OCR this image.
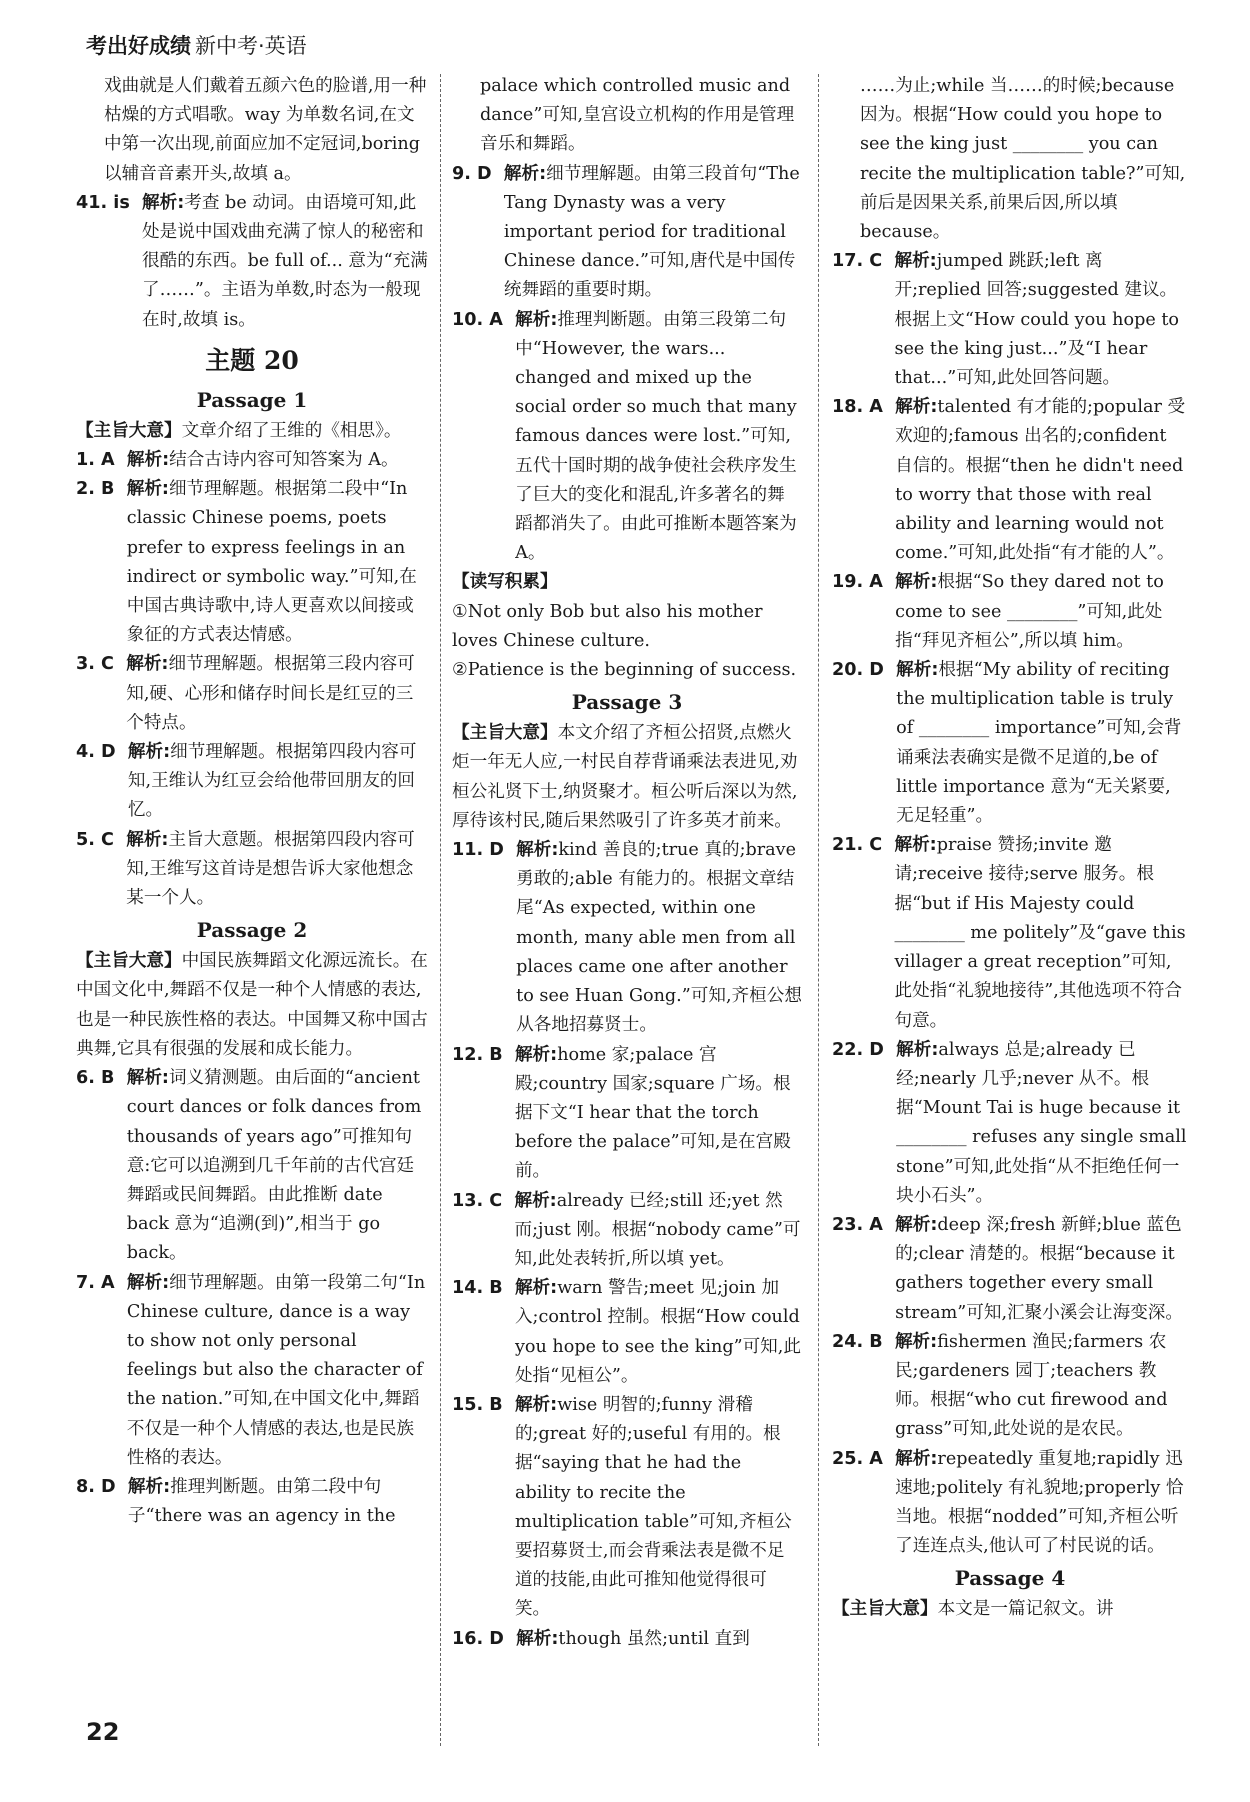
考出好成绩 新中考·英语
戏曲就是人们戴着五颜六色的脸谱,用一种枯燥的方式唱歌。way 为单数名词,在文中第一次出现,前面应加不定冠词,boring 以辅音音素开头,故填 a。
41. is 解析:考查 be 动词。由语境可知,此处是说中国戏曲充满了惊人的秘密和很酷的东西。be full of... 意为“充满了……”。主语为单数,时态为一般现在时,故填 is。
主题 20
Passage 1
【主旨大意】文章介绍了王维的《相思》。
1. A 解析:结合古诗内容可知答案为 A。
2. B 解析:细节理解题。根据第二段中“In classic Chinese poems, poets prefer to express feelings in an indirect or symbolic way.”可知,在中国古典诗歌中,诗人更喜欢以间接或象征的方式表达情感。
3. C 解析:细节理解题。根据第三段内容可知,硬、心形和储存时间长是红豆的三个特点。
4. D 解析:细节理解题。根据第四段内容可知,王维认为红豆会给他带回朋友的回忆。
5. C 解析:主旨大意题。根据第四段内容可知,王维写这首诗是想告诉大家他想念某一个人。
Passage 2
【主旨大意】中国民族舞蹈文化源远流长。在中国文化中,舞蹈不仅是一种个人情感的表达,也是一种民族性格的表达。中国舞又称中国古典舞,它具有很强的发展和成长能力。
6. B 解析:词义猜测题。由后面的“ancient court dances or folk dances from thousands of years ago”可推知句意:它可以追溯到几千年前的古代宫廷舞蹈或民间舞蹈。由此推断 date back 意为“追溯(到)”,相当于 go back。
7. A 解析:细节理解题。由第一段第二句“In Chinese culture, dance is a way to show not only personal feelings but also the character of the nation.”可知,在中国文化中,舞蹈不仅是一种个人情感的表达,也是民族性格的表达。
8. D 解析:推理判断题。由第二段中句子“there was an agency in the
palace which controlled music and dance”可知,皇宫设立机构的作用是管理音乐和舞蹈。
9. D 解析:细节理解题。由第三段首句“The Tang Dynasty was a very important period for traditional Chinese dance.”可知,唐代是中国传统舞蹈的重要时期。
10. A 解析:推理判断题。由第三段第二句中“However, the wars... changed and mixed up the social order so much that many famous dances were lost.”可知,五代十国时期的战争使社会秩序发生了巨大的变化和混乱,许多著名的舞蹈都消失了。由此可推断本题答案为 A。
【读写积累】
①Not only Bob but also his mother loves Chinese culture.
②Patience is the beginning of success.
Passage 3
【主旨大意】本文介绍了齐桓公招贤,点燃火炬一年无人应,一村民自荐背诵乘法表进见,劝桓公礼贤下士,纳贤聚才。桓公听后深以为然,厚待该村民,随后果然吸引了许多英才前来。
11. D 解析:kind 善良的;true 真的;brave 勇敢的;able 有能力的。根据文章结尾“As expected, within one month, many able men from all places came one after another to see Huan Gong.”可知,齐桓公想从各地招募贤士。
12. B 解析:home 家;palace 宫殿;country 国家;square 广场。根据下文“I hear that the torch before the palace”可知,是在宫殿前。
13. C 解析:already 已经;still 还;yet 然而;just 刚。根据“nobody came”可知,此处表转折,所以填 yet。
14. B 解析:warn 警告;meet 见;join 加入;control 控制。根据“How could you hope to see the king”可知,此处指“见桓公”。
15. B 解析:wise 明智的;funny 滑稽的;great 好的;useful 有用的。根据“saying that he had the ability to recite the multiplication table”可知,齐桓公要招募贤士,而会背乘法表是微不足道的技能,由此可推知他觉得很可笑。
16. D 解析:though 虽然;until 直到
……为止;while 当……的时候;because 因为。根据“How could you hope to see the king just ________ you can recite the multiplication table?”可知,前后是因果关系,前果后因,所以填 because。
17. C 解析:jumped 跳跃;left 离开;replied 回答;suggested 建议。根据上文“How could you hope to see the king just...”及“I hear that...”可知,此处回答问题。
18. A 解析:talented 有才能的;popular 受欢迎的;famous 出名的;confident 自信的。根据“then he didn't need to worry that those with real ability and learning would not come.”可知,此处指“有才能的人”。
19. A 解析:根据“So they dared not to come to see ________”可知,此处指“拜见齐桓公”,所以填 him。
20. D 解析:根据“My ability of reciting the multiplication table is truly of ________ importance”可知,会背诵乘法表确实是微不足道的,be of little importance 意为“无关紧要,无足轻重”。
21. C 解析:praise 赞扬;invite 邀请;receive 接待;serve 服务。根据“but if His Majesty could ________ me politely”及“gave this villager a great reception”可知,此处指“礼貌地接待”,其他选项不符合句意。
22. D 解析:always 总是;already 已经;nearly 几乎;never 从不。根据“Mount Tai is huge because it ________ refuses any single small stone”可知,此处指“从不拒绝任何一块小石头”。
23. A 解析:deep 深;fresh 新鲜;blue 蓝色的;clear 清楚的。根据“because it gathers together every small stream”可知,汇聚小溪会让海变深。
24. B 解析:fishermen 渔民;farmers 农民;gardeners 园丁;teachers 教师。根据“who cut firewood and grass”可知,此处说的是农民。
25. A 解析:repeatedly 重复地;rapidly 迅速地;politely 有礼貌地;properly 恰当地。根据“nodded”可知,齐桓公听了连连点头,他认可了村民说的话。
Passage 4
【主旨大意】本文是一篇记叙文。讲
22
